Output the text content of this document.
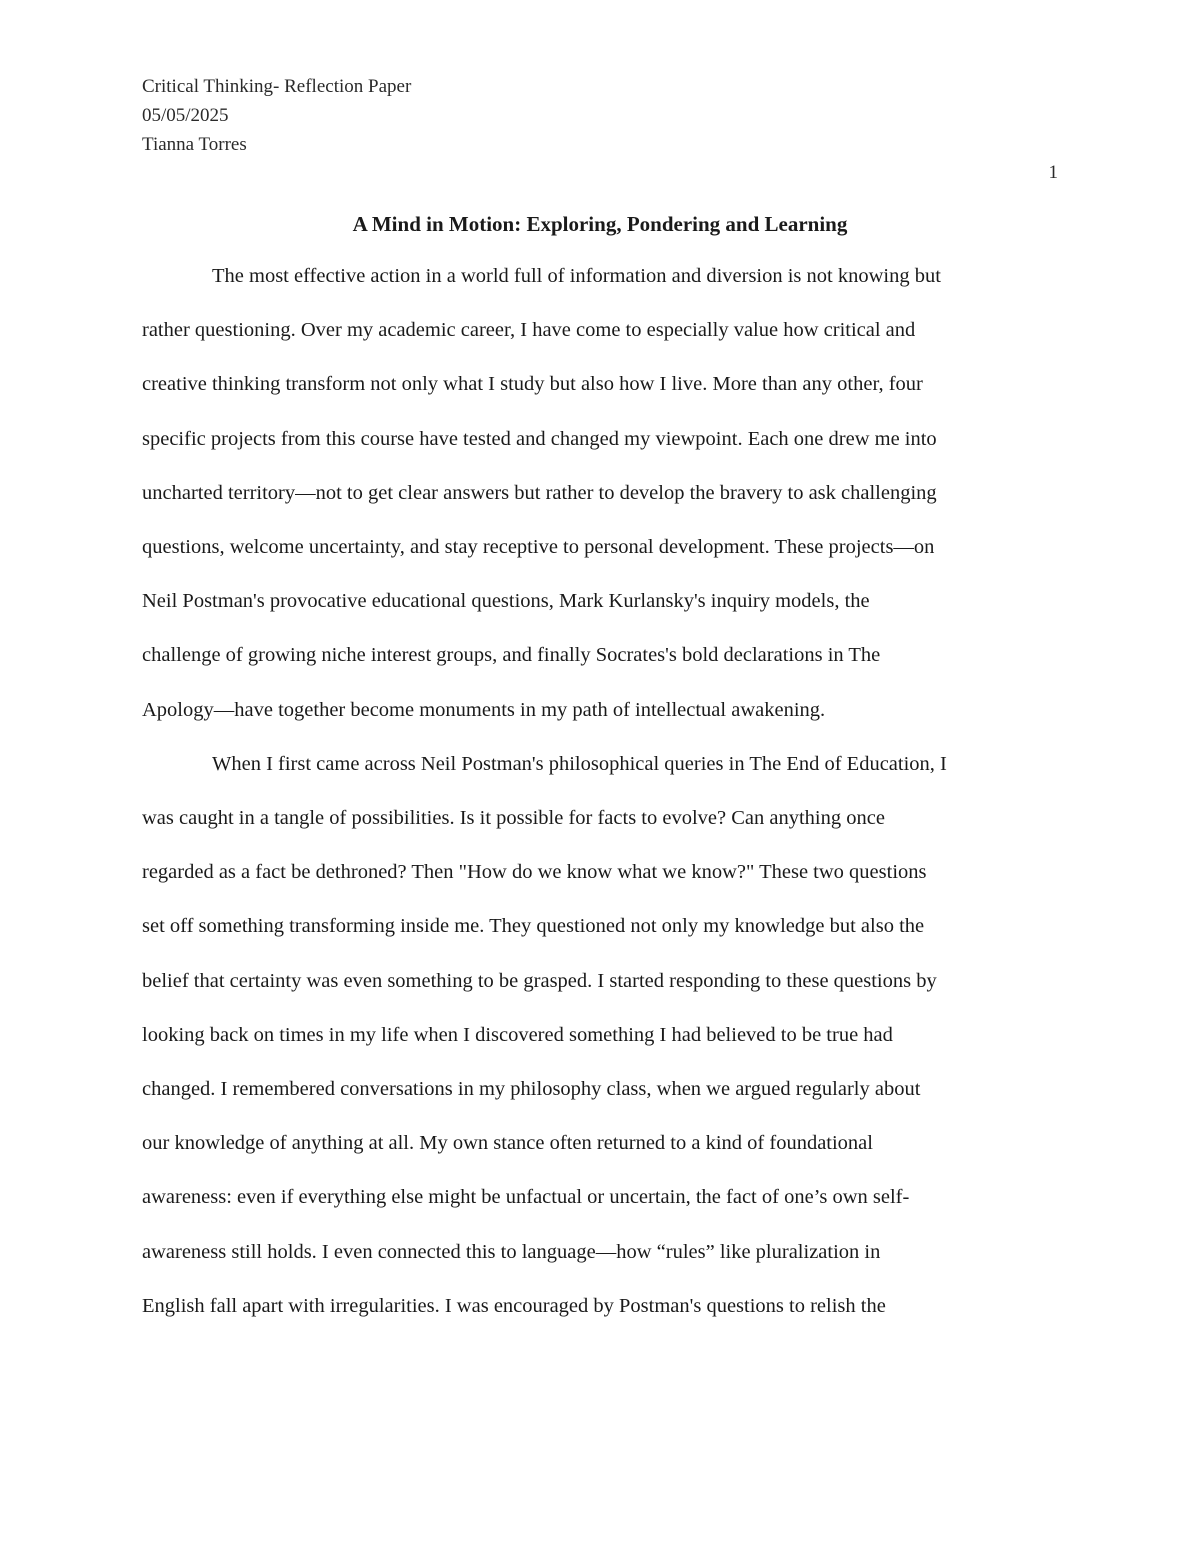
Critical Thinking- Reflection Paper
05/05/2025
Tianna Torres
1
A Mind in Motion: Exploring, Pondering and Learning
The most effective action in a world full of information and diversion is not knowing but
rather questioning. Over my academic career, I have come to especially value how critical and
creative thinking transform not only what I study but also how I live. More than any other, four
specific projects from this course have tested and changed my viewpoint. Each one drew me into
uncharted territory—not to get clear answers but rather to develop the bravery to ask challenging
questions, welcome uncertainty, and stay receptive to personal development. These projects—on
Neil Postman's provocative educational questions, Mark Kurlansky's inquiry models, the
challenge of growing niche interest groups, and finally Socrates's bold declarations in The
Apology—have together become monuments in my path of intellectual awakening.
When I first came across Neil Postman's philosophical queries in The End of Education, I
was caught in a tangle of possibilities. Is it possible for facts to evolve? Can anything once
regarded as a fact be dethroned? Then "How do we know what we know?" These two questions
set off something transforming inside me. They questioned not only my knowledge but also the
belief that certainty was even something to be grasped. I started responding to these questions by
looking back on times in my life when I discovered something I had believed to be true had
changed. I remembered conversations in my philosophy class, when we argued regularly about
our knowledge of anything at all. My own stance often returned to a kind of foundational
awareness: even if everything else might be unfactual or uncertain, the fact of one’s own self-
awareness still holds. I even connected this to language—how “rules” like pluralization in
English fall apart with irregularities. I was encouraged by Postman's questions to relish the
